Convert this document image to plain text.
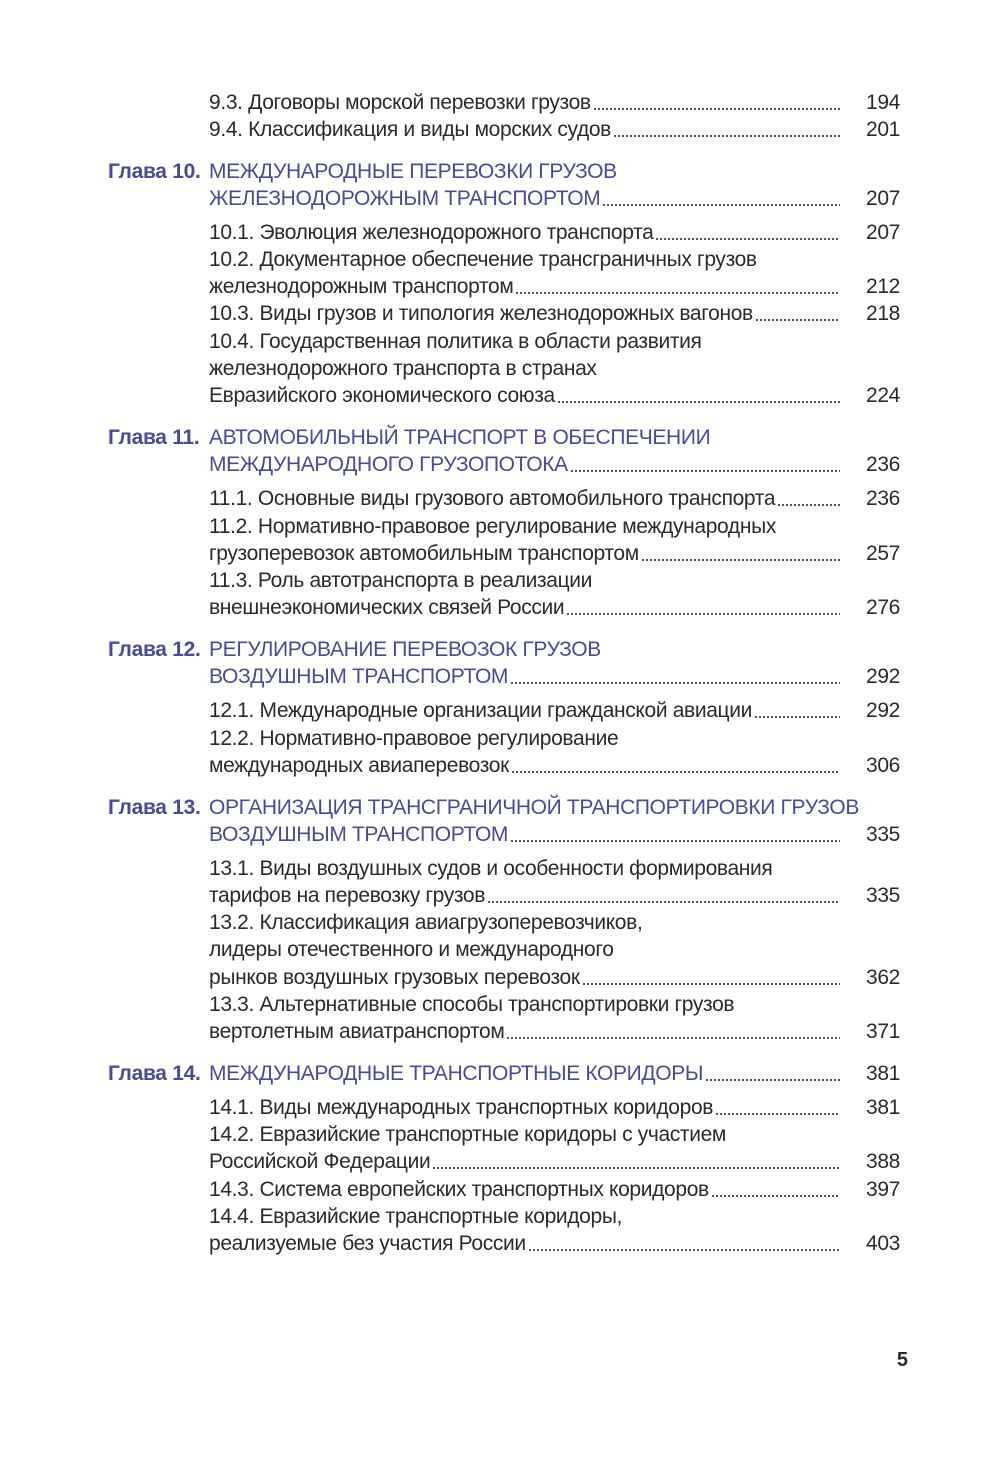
9.3. Договоры морской перевозки грузов	194
9.4. Классификация и виды морских судов	201
Глава 10. МЕЖДУНАРОДНЫЕ ПЕРЕВОЗКИ ГРУЗОВ
ЖЕЛЕЗНОДОРОЖНЫМ ТРАНСПОРТОМ	207
10.1. Эволюция железнодорожного транспорта	207
10.2. Документарное обеспечение трансграничных грузов
железнодорожным транспортом	212
10.3. Виды грузов и типология железнодорожных вагонов	218
10.4. Государственная политика в области развития
железнодорожного транспорта в странах
Евразийского экономического союза	224
Глава 11. АВТОМОБИЛЬНЫЙ ТРАНСПОРТ В ОБЕСПЕЧЕНИИ
МЕЖДУНАРОДНОГО ГРУЗОПОТОКА	236
11.1. Основные виды грузового автомобильного транспорта	236
11.2. Нормативно-правовое регулирование международных
грузоперевозок автомобильным транспортом	257
11.3. Роль автотранспорта в реализации
внешнеэкономических связей России	276
Глава 12. РЕГУЛИРОВАНИЕ ПЕРЕВОЗОК ГРУЗОВ
ВОЗДУШНЫМ ТРАНСПОРТОМ	292
12.1. Международные организации гражданской авиации	292
12.2. Нормативно-правовое регулирование
международных авиаперевозок	306
Глава 13. ОРГАНИЗАЦИЯ ТРАНСГРАНИЧНОЙ ТРАНСПОРТИРОВКИ ГРУЗОВ
ВОЗДУШНЫМ ТРАНСПОРТОМ	335
13.1. Виды воздушных судов и особенности формирования
тарифов на перевозку грузов	335
13.2. Классификация авиагрузоперевозчиков,
лидеры отечественного и международного
рынков воздушных грузовых перевозок	362
13.3. Альтернативные способы транспортировки грузов
вертолетным авиатранспортом	371
Глава 14. МЕЖДУНАРОДНЫЕ ТРАНСПОРТНЫЕ КОРИДОРЫ	381
14.1. Виды международных транспортных коридоров	381
14.2. Евразийские транспортные коридоры с участием
Российской Федерации	388
14.3. Система европейских транспортных коридоров	397
14.4. Евразийские транспортные коридоры,
реализуемые без участия России	403
5
